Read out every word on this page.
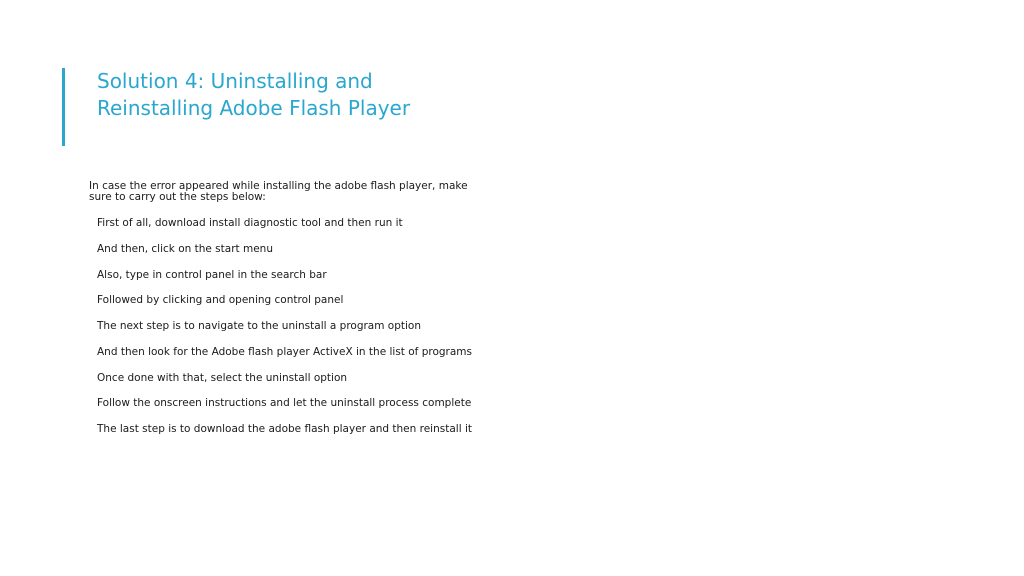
Solution 4: Uninstalling and
Reinstalling Adobe Flash Player

In case the error appeared while installing the adobe flash player, make sure to carry out the steps below:

First of all, download install diagnostic tool and then run it
And then, click on the start menu
Also, type in control panel in the search bar
Followed by clicking and opening control panel
The next step is to navigate to the uninstall a program option
And then look for the Adobe flash player ActiveX in the list of programs
Once done with that, select the uninstall option
Follow the onscreen instructions and let the uninstall process complete
The last step is to download the adobe flash player and then reinstall it
